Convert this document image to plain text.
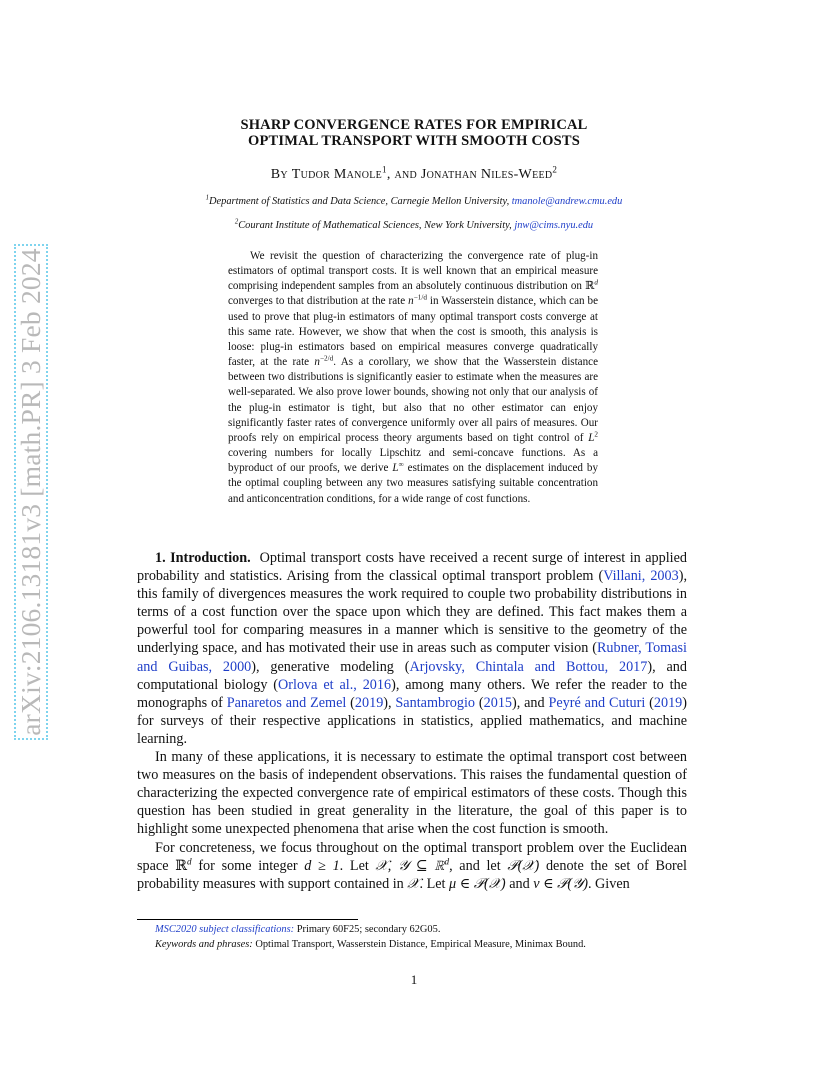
arXiv:2106.13181v3 [math.PR] 3 Feb 2024
SHARP CONVERGENCE RATES FOR EMPIRICAL
OPTIMAL TRANSPORT WITH SMOOTH COSTS
By Tudor Manole$^1$, and Jonathan Niles-Weed$^2$
$^1$Department of Statistics and Data Science, Carnegie Mellon University, tmanole@andrew.cmu.edu
$^2$Courant Institute of Mathematical Sciences, New York University, jnw@cims.nyu.edu

We revisit the question of characterizing the convergence rate of plug-in estimators of optimal transport costs. It is well known that an empirical measure comprising independent samples from an absolutely continuous distribution on ℝ$^d$ converges to that distribution at the rate $n^{-1/d}$ in Wasserstein distance, which can be used to prove that plug-in estimators of many optimal transport costs converge at this same rate. However, we show that when the cost is smooth, this analysis is loose: plug-in estimators based on empirical measures converge quadratically faster, at the rate $n^{-2/d}$. As a corollary, we show that the Wasserstein distance between two distributions is significantly easier to estimate when the measures are well-separated. We also prove lower bounds, showing not only that our analysis of the plug-in estimator is tight, but also that no other estimator can enjoy significantly faster rates of convergence uniformly over all pairs of measures. Our proofs rely on empirical process theory arguments based on tight control of $L^2$ covering numbers for locally Lipschitz and semi-concave functions. As a byproduct of our proofs, we derive L∞ estimates on the displacement induced by the optimal coupling between any two measures satisfying suitable concentration and anticoncentration conditions, for a wide range of cost functions.

1. Introduction. Optimal transport costs have received a recent surge of interest in applied probability and statistics. Arising from the classical optimal transport problem (Villani, 2003), this family of divergences measures the work required to couple two probability distributions in terms of a cost function over the space upon which they are defined. This fact makes them a powerful tool for comparing measures in a manner which is sensitive to the geometry of the underlying space, and has motivated their use in areas such as computer vision (Rubner, Tomasi and Guibas, 2000), generative modeling (Arjovsky, Chintala and Bottou, 2017), and computational biology (Orlova et al., 2016), among many others. We refer the reader to the monographs of Panaretos and Zemel (2019), Santambrogio (2015), and Peyré and Cuturi (2019) for surveys of their respective applications in statistics, applied mathematics, and machine learning.

In many of these applications, it is necessary to estimate the optimal transport cost between two measures on the basis of independent observations. This raises the fundamental question of characterizing the expected convergence rate of empirical estimators of these costs. Though this question has been studied in great generality in the literature, the goal of this paper is to highlight some unexpected phenomena that arise when the cost function is smooth.

For concreteness, we focus throughout on the optimal transport problem over the Euclidean space ℝ$^d$ for some integer d ≥ 1. Let 𝒳, 𝒴 ⊆ ℝ$^d$, and let 𝒫(𝒳) denote the set of Borel probability measures with support contained in 𝒳. Let μ ∈ 𝒫(𝒳) and ν ∈ 𝒫(𝒴). Given

MSC2020 subject classifications: Primary 60F25; secondary 62G05.
Keywords and phrases: Optimal Transport, Wasserstein Distance, Empirical Measure, Minimax Bound.
1
